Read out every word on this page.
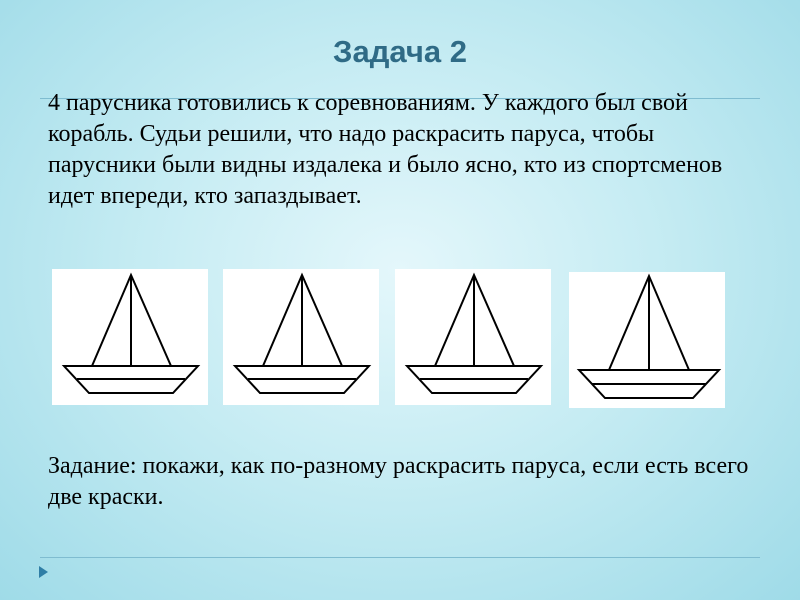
Задача 2

4 парусника готовились к соревнованиям. У каждого был свой корабль. Судьи решили, что надо раскрасить паруса, чтобы парусники были видны издалека и было ясно, кто из спортсменов идет впереди, кто запаздывает.

Задание: покажи, как по-разному раскрасить паруса, если есть всего две краски.
